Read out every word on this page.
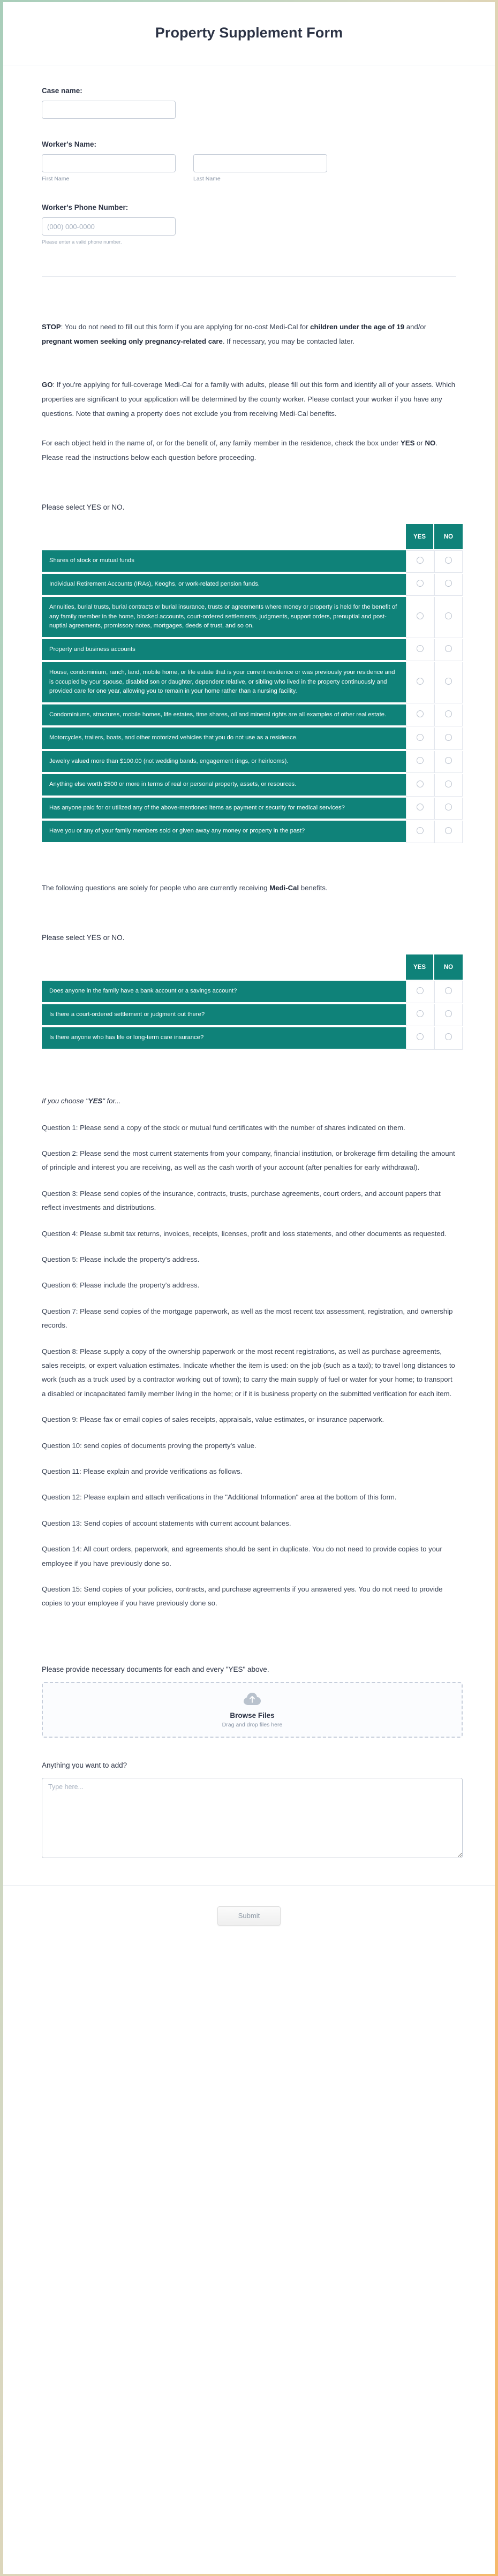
Property Supplement Form
Case name:
Worker's Name:
First Name	Last Name
Worker's Phone Number:
(000) 000-0000
Please enter a valid phone number.

STOP: You do not need to fill out this form if you are applying for no-cost Medi-Cal for children under the age of 19 and/or pregnant women seeking only pregnancy-related care. If necessary, you may be contacted later.

GO: If you're applying for full-coverage Medi-Cal for a family with adults, please fill out this form and identify all of your assets. Which properties are significant to your application will be determined by the county worker. Please contact your worker if you have any questions. Note that owning a property does not exclude you from receiving Medi-Cal benefits.

For each object held in the name of, or for the benefit of, any family member in the residence, check the box under YES or NO. Please read the instructions below each question before proceeding.

Please select YES or NO.

	YES	NO
Shares of stock or mutual funds		
Individual Retirement Accounts (IRAs), Keoghs, or work-related pension funds.		
Annuities, burial trusts, burial contracts or burial insurance, trusts or agreements where money or property is held for the benefit of any family member in the home, blocked accounts, court-ordered settlements, judgments, support orders, prenuptial and post-nuptial agreements, promissory notes, mortgages, deeds of trust, and so on.		
Property and business accounts		
House, condominium, ranch, land, mobile home, or life estate that is your current residence or was previously your residence and is occupied by your spouse, disabled son or daughter, dependent relative, or sibling who lived in the property continuously and provided care for one year, allowing you to remain in your home rather than a nursing facility.		
Condominiums, structures, mobile homes, life estates, time shares, oil and mineral rights are all examples of other real estate.		
Motorcycles, trailers, boats, and other motorized vehicles that you do not use as a residence.		
Jewelry valued more than $100.00 (not wedding bands, engagement rings, or heirlooms).		
Anything else worth $500 or more in terms of real or personal property, assets, or resources.		
Has anyone paid for or utilized any of the above-mentioned items as payment or security for medical services?		
Have you or any of your family members sold or given away any money or property in the past?		

The following questions are solely for people who are currently receiving Medi-Cal benefits.

Please select YES or NO.

	YES	NO
Does anyone in the family have a bank account or a savings account?		
Is there a court-ordered settlement or judgment out there?		
Is there anyone who has life or long-term care insurance?		

If you choose "YES" for...

Question 1: Please send a copy of the stock or mutual fund certificates with the number of shares indicated on them.

Question 2: Please send the most current statements from your company, financial institution, or brokerage firm detailing the amount of principle and interest you are receiving, as well as the cash worth of your account (after penalties for early withdrawal).

Question 3: Please send copies of the insurance, contracts, trusts, purchase agreements, court orders, and account papers that reflect investments and distributions.

Question 4: Please submit tax returns, invoices, receipts, licenses, profit and loss statements, and other documents as requested.

Question 5: Please include the property's address.

Question 6: Please include the property's address.

Question 7: Please send copies of the mortgage paperwork, as well as the most recent tax assessment, registration, and ownership records.

Question 8: Please supply a copy of the ownership paperwork or the most recent registrations, as well as purchase agreements, sales receipts, or expert valuation estimates. Indicate whether the item is used: on the job (such as a taxi); to travel long distances to work (such as a truck used by a contractor working out of town); to carry the main supply of fuel or water for your home; to transport a disabled or incapacitated family member living in the home; or if it is business property on the submitted verification for each item.

Question 9: Please fax or email copies of sales receipts, appraisals, value estimates, or insurance paperwork.

Question 10: send copies of documents proving the property's value.

Question 11: Please explain and provide verifications as follows.

Question 12: Please explain and attach verifications in the "Additional Information" area at the bottom of this form.

Question 13: Send copies of account statements with current account balances.

Question 14: All court orders, paperwork, and agreements should be sent in duplicate. You do not need to provide copies to your employee if you have previously done so.

Question 15: Send copies of your policies, contracts, and purchase agreements if you answered yes. You do not need to provide copies to your employee if you have previously done so.

Please provide necessary documents for each and every "YES" above.

Browse Files
Drag and drop files here

Anything you want to add?

Type here...
Submit
